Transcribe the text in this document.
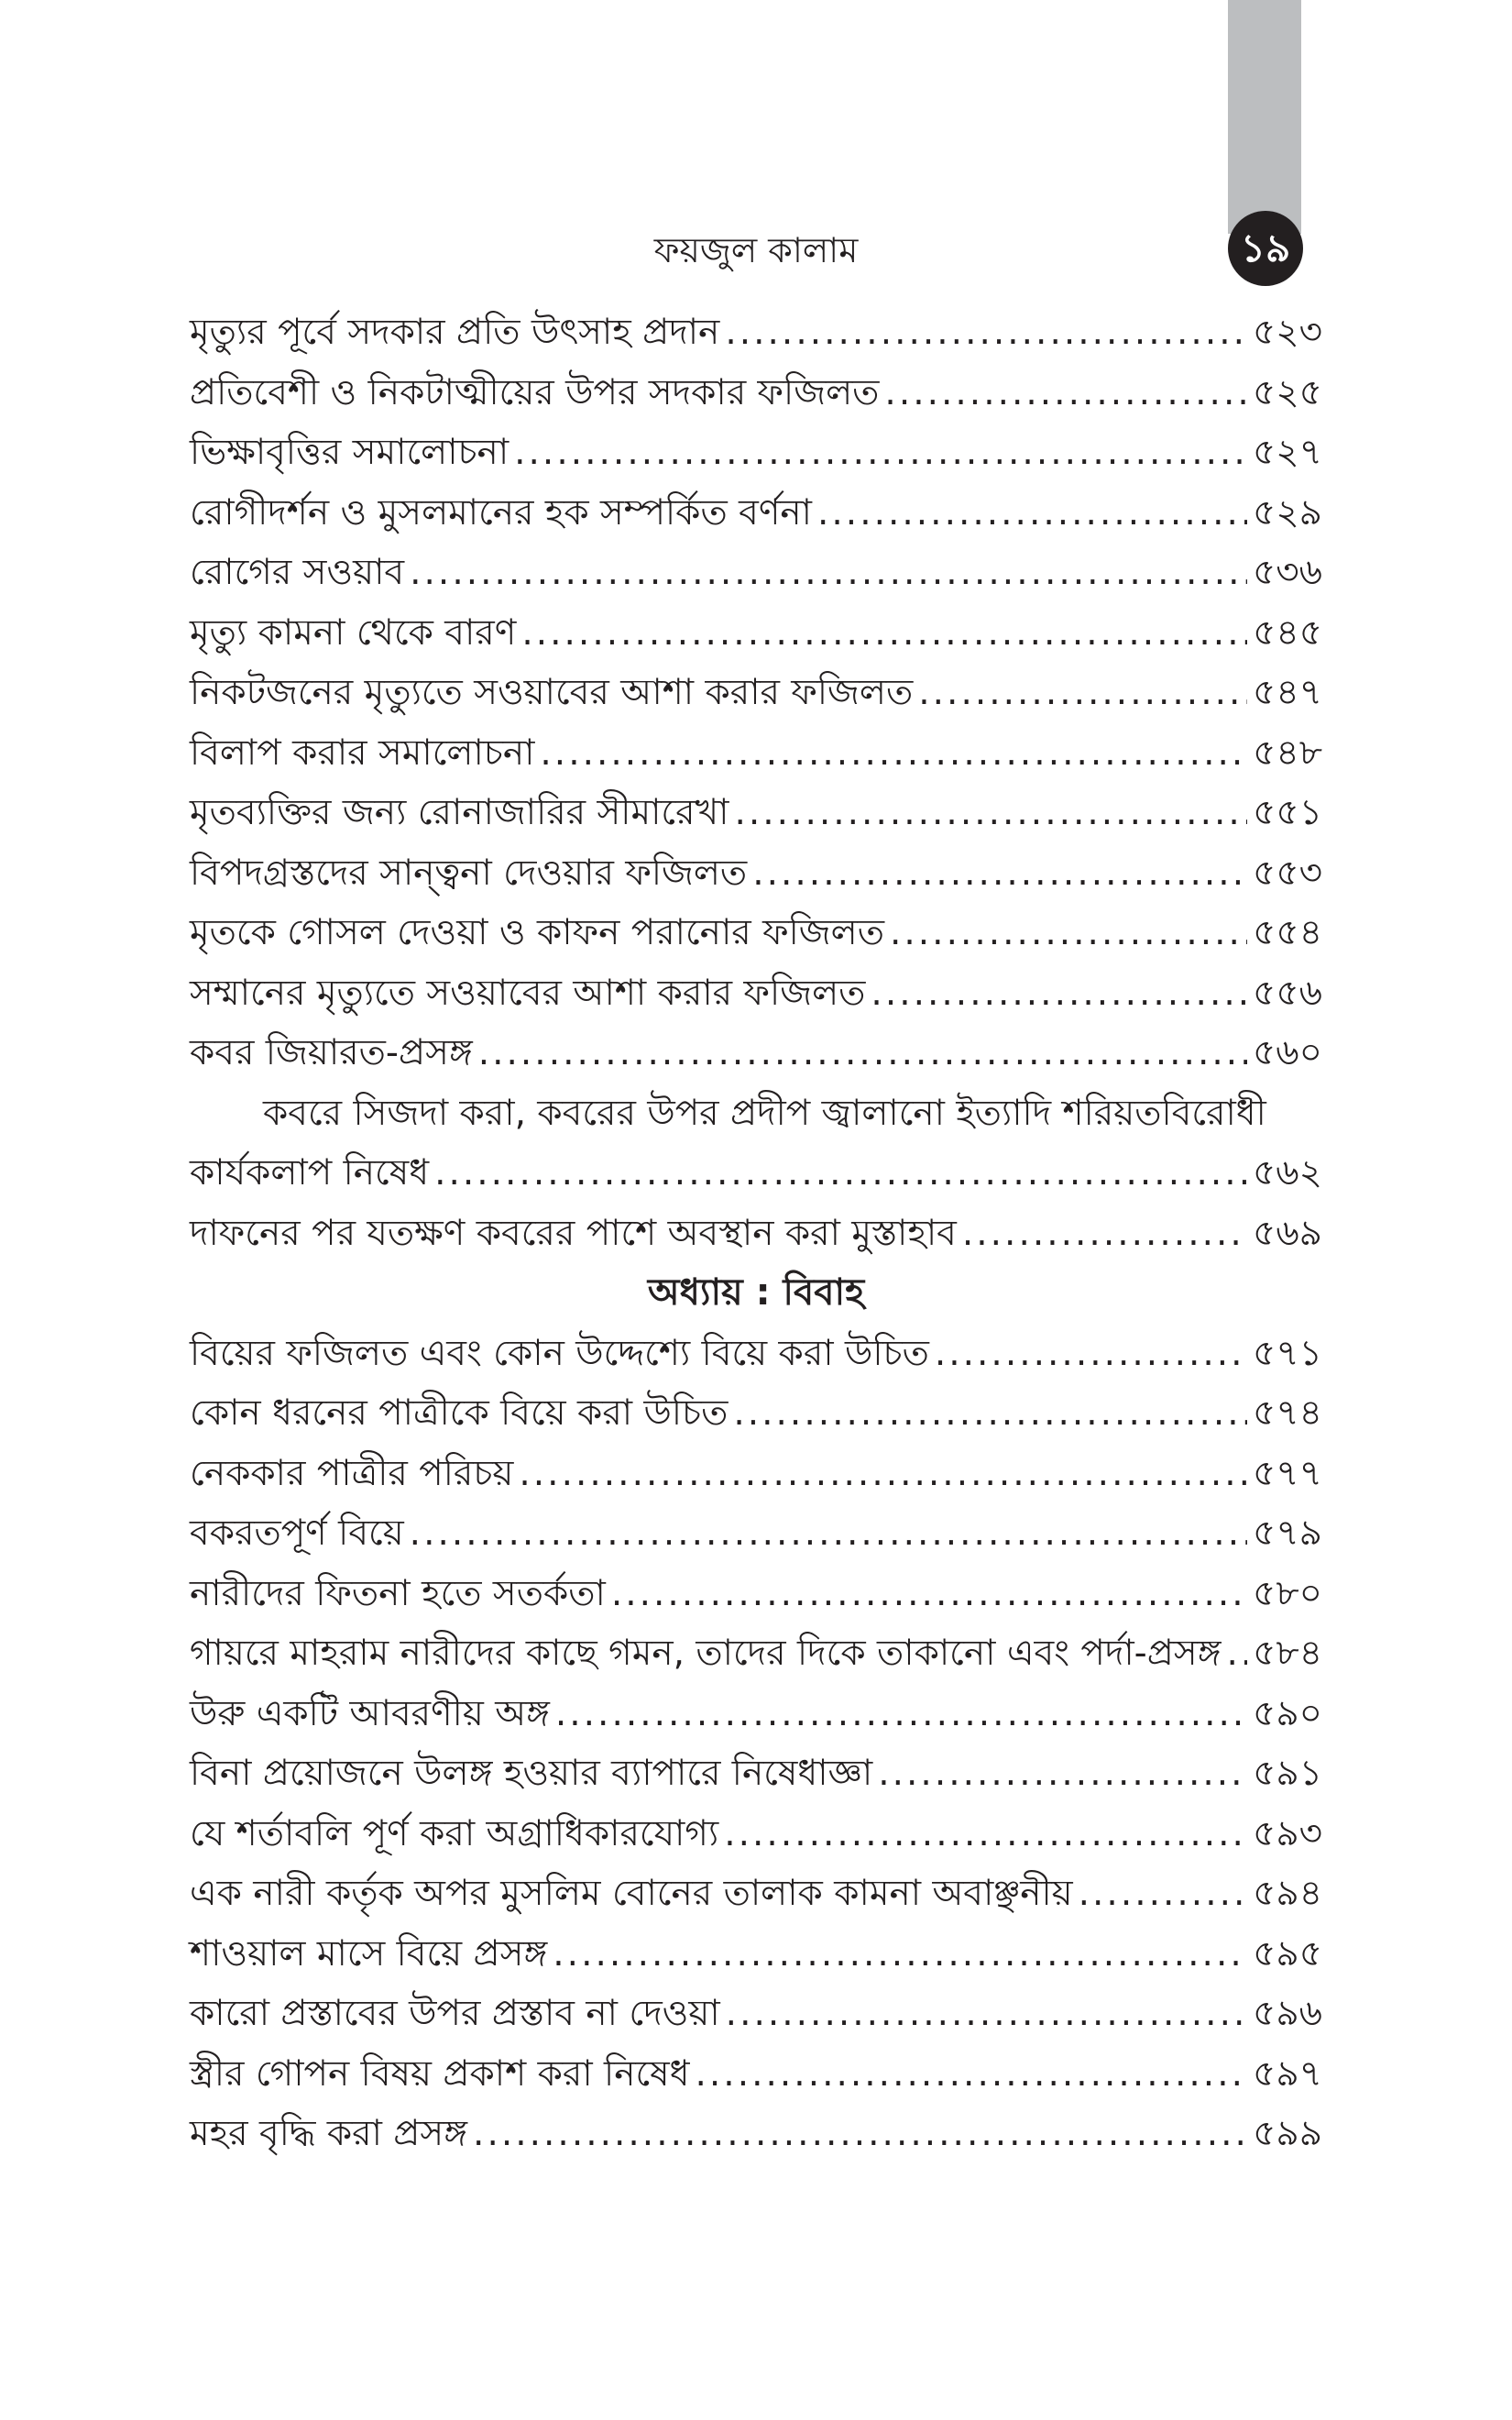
১৯
ফয়জুল কালাম
মৃত্যুর পূর্বে সদকার প্রতি উৎসাহ প্রদান .....	৫২৩
প্রতিবেশী ও নিকটাত্মীয়ের উপর সদকার ফজিলত .....	৫২৫
ভিক্ষাবৃত্তির সমালোচনা .....	৫২৭
রোগীদর্শন ও মুসলমানের হক সম্পর্কিত বর্ণনা .....	৫২৯
রোগের সওয়াব .....	৫৩৬
মৃত্যু কামনা থেকে বারণ .....	৫৪৫
নিকটজনের মৃত্যুতে সওয়াবের আশা করার ফজিলত .....	৫৪৭
বিলাপ করার সমালোচনা .....	৫৪৮
মৃতব্যক্তির জন্য রোনাজারির সীমারেখা .....	৫৫১
বিপদগ্রস্তদের সান্ত্বনা দেওয়ার ফজিলত .....	৫৫৩
মৃতকে গোসল দেওয়া ও কাফন পরানোর ফজিলত .....	৫৫৪
সম্মানের মৃত্যুতে সওয়াবের আশা করার ফজিলত .....	৫৫৬
কবর জিয়ারত-প্রসঙ্গ .....	৫৬০
কবরে সিজদা করা, কবরের উপর প্রদীপ জ্বালানো ইত্যাদি শরিয়তবিরোধী
কার্যকলাপ নিষেধ .....	৫৬২
দাফনের পর যতক্ষণ কবরের পাশে অবস্থান করা মুস্তাহাব .....	৫৬৯
অধ্যায় : বিবাহ
বিয়ের ফজিলত এবং কোন উদ্দেশ্যে বিয়ে করা উচিত .....	৫৭১
কোন ধরনের পাত্রীকে বিয়ে করা উচিত .....	৫৭৪
নেককার পাত্রীর পরিচয় .....	৫৭৭
বকরতপূর্ণ বিয়ে .....	৫৭৯
নারীদের ফিতনা হতে সতর্কতা .....	৫৮০
গায়রে মাহরাম নারীদের কাছে গমন, তাদের দিকে তাকানো এবং পর্দা-প্রসঙ্গ ..... ৫৮৪
উরু একটি আবরণীয় অঙ্গ .....	৫৯০
বিনা প্রয়োজনে উলঙ্গ হওয়ার ব্যাপারে নিষেধাজ্ঞা .....	৫৯১
যে শর্তাবলি পূর্ণ করা অগ্রাধিকারযোগ্য .....	৫৯৩
এক নারী কর্তৃক অপর মুসলিম বোনের তালাক কামনা অবাঞ্ছনীয় .....	৫৯৪
শাওয়াল মাসে বিয়ে প্রসঙ্গ .....	৫৯৫
কারো প্রস্তাবের উপর প্রস্তাব না দেওয়া .....	৫৯৬
স্ত্রীর গোপন বিষয় প্রকাশ করা নিষেধ .....	৫৯৭
মহর বৃদ্ধি করা প্রসঙ্গ .....	৫৯৯
